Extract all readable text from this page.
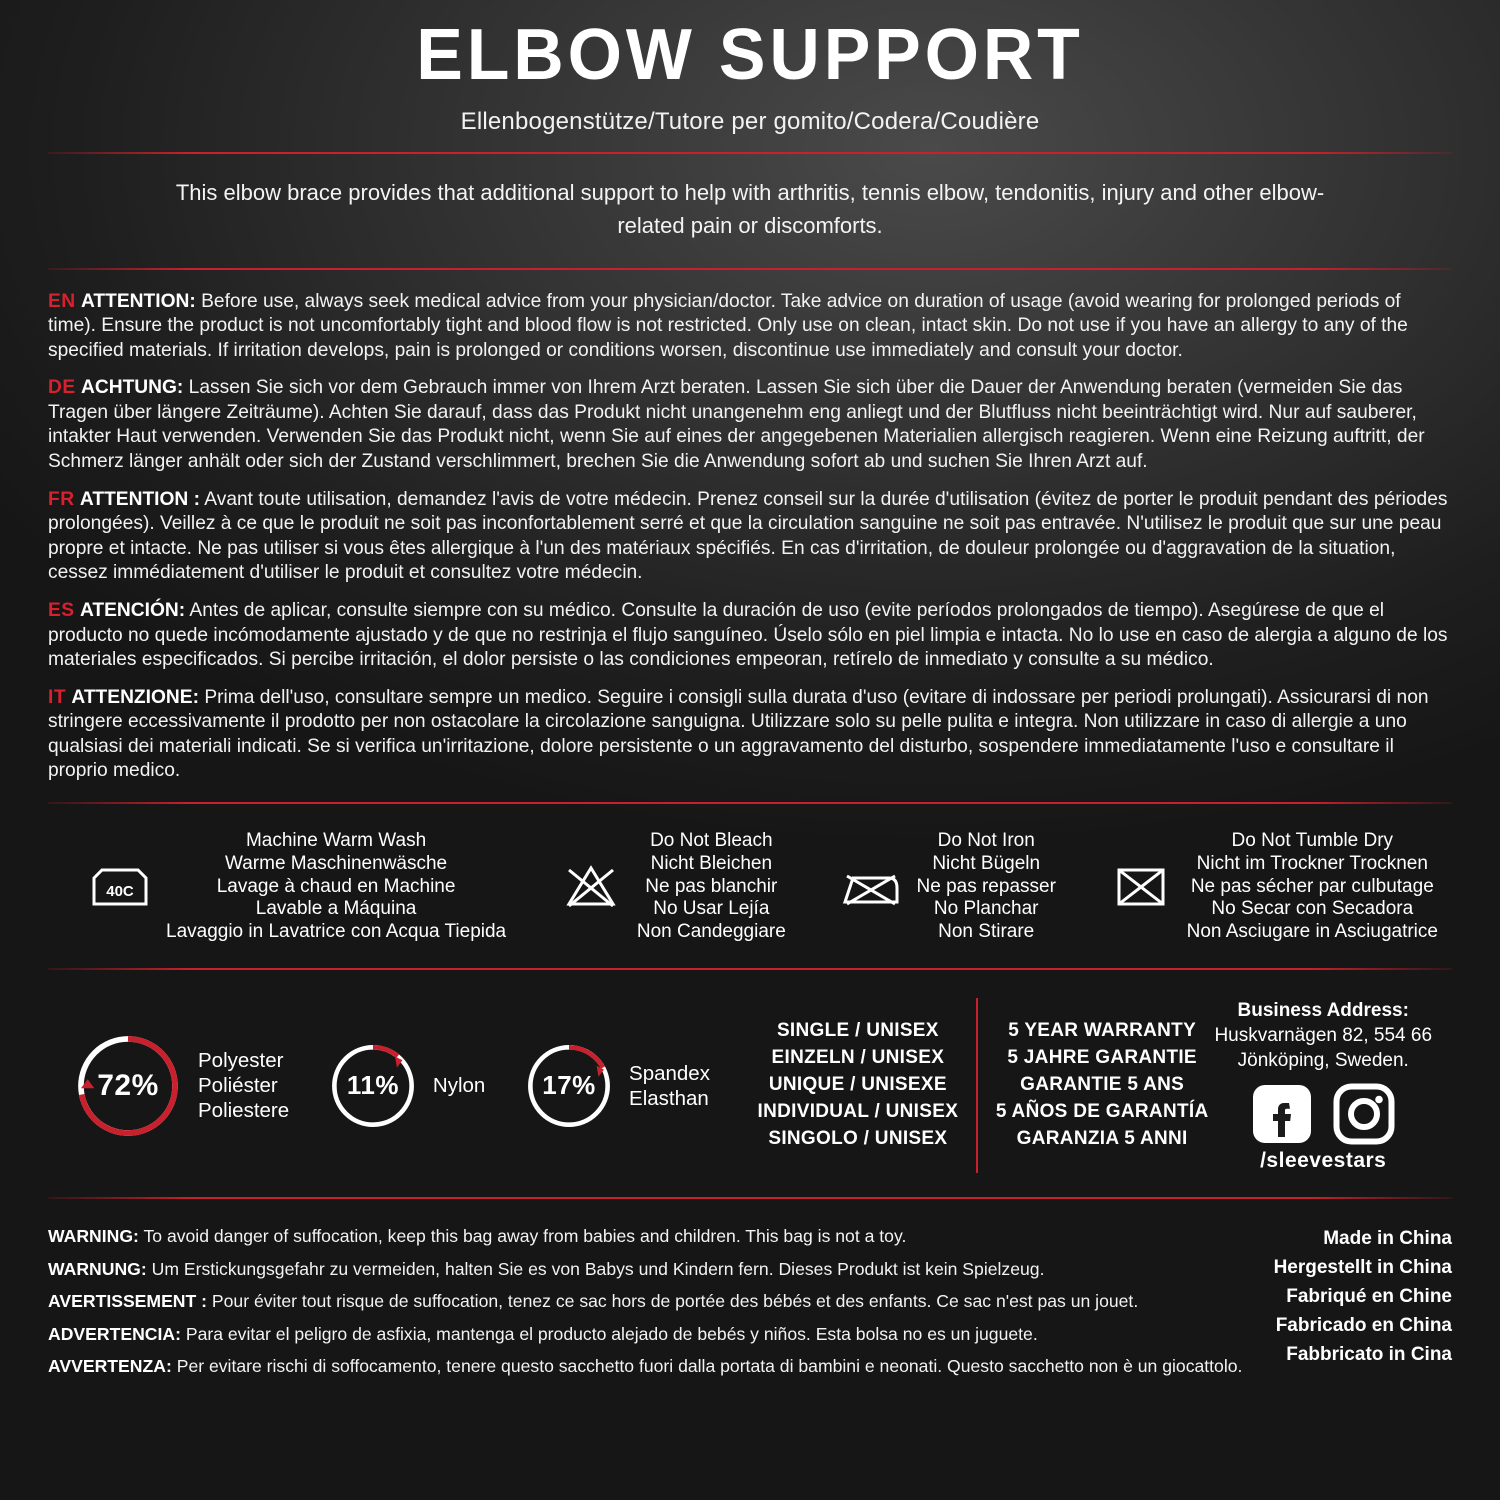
ELBOW SUPPORT
Ellenbogenstütze/Tutore per gomito/Codera/Coudière
This elbow brace provides that additional support to help with arthritis, tennis elbow, tendonitis, injury and other elbow-related pain or discomforts.

EN ATTENTION: Before use, always seek medical advice from your physician/doctor. Take advice on duration of usage (avoid wearing for prolonged periods of time). Ensure the product is not uncomfortably tight and blood flow is not restricted. Only use on clean, intact skin. Do not use if you have an allergy to any of the specified materials. If irritation develops, pain is prolonged or conditions worsen, discontinue use immediately and consult your doctor.

DE ACHTUNG: Lassen Sie sich vor dem Gebrauch immer von Ihrem Arzt beraten. Lassen Sie sich über die Dauer der Anwendung beraten (vermeiden Sie das Tragen über längere Zeiträume). Achten Sie darauf, dass das Produkt nicht unangenehm eng anliegt und der Blutfluss nicht beeinträchtigt wird. Nur auf sauberer, intakter Haut verwenden. Verwenden Sie das Produkt nicht, wenn Sie auf eines der angegebenen Materialien allergisch reagieren. Wenn eine Reizung auftritt, der Schmerz länger anhält oder sich der Zustand verschlimmert, brechen Sie die Anwendung sofort ab und suchen Sie Ihren Arzt auf.

FR ATTENTION : Avant toute utilisation, demandez l'avis de votre médecin. Prenez conseil sur la durée d'utilisation (évitez de porter le produit pendant des périodes prolongées). Veillez à ce que le produit ne soit pas inconfortablement serré et que la circulation sanguine ne soit pas entravée. N'utilisez le produit que sur une peau propre et intacte. Ne pas utiliser si vous êtes allergique à l'un des matériaux spécifiés. En cas d'irritation, de douleur prolongée ou d'aggravation de la situation, cessez immédiatement d'utiliser le produit et consultez votre médecin.

ES ATENCIÓN: Antes de aplicar, consulte siempre con su médico. Consulte la duración de uso (evite períodos prolongados de tiempo). Asegúrese de que el producto no quede incómodamente ajustado y de que no restrinja el flujo sanguíneo. Úselo sólo en piel limpia e intacta. No lo use en caso de alergia a alguno de los materiales especificados. Si percibe irritación, el dolor persiste o las condiciones empeoran, retírelo de inmediato y consulte a su médico.

IT ATTENZIONE: Prima dell'uso, consultare sempre un medico. Seguire i consigli sulla durata d'uso (evitare di indossare per periodi prolungati). Assicurarsi di non stringere eccessivamente il prodotto per non ostacolare la circolazione sanguigna. Utilizzare solo su pelle pulita e integra. Non utilizzare in caso di allergie a uno qualsiasi dei materiali indicati. Se si verifica un'irritazione, dolore persistente o un aggravamento del disturbo, sospendere immediatamente l'uso e consultare il proprio medico.

40C
Machine Warm Wash
Warme Maschinenwäsche
Lavage à chaud en Machine
Lavable a Máquina
Lavaggio in Lavatrice con Acqua Tiepida
Do Not Bleach
Nicht Bleichen
Ne pas blanchir
No Usar Lejía
Non Candeggiare
Do Not Iron
Nicht Bügeln
Ne pas repasser
No Planchar
Non Stirare
Do Not Tumble Dry
Nicht im Trockner Trocknen
Ne pas sécher par culbutage
No Secar con Secadora
Non Asciugare in Asciugatrice
72%
Polyester
Poliéster
Poliestere
11%	Nylon	17%	Spandex
Elasthan
SINGLE / UNISEX
EINZELN / UNISEX
UNIQUE / UNISEXE
INDIVIDUAL / UNISEX
SINGOLO / UNISEX
5 YEAR WARRANTY
5 JAHRE GARANTIE
GARANTIE 5 ANS
5 AÑOS DE GARANTÍA
GARANZIA 5 ANNI
Business Address: Huskvarnägen 82, 554 66 Jönköping, Sweden.
/sleevestars

WARNING: To avoid danger of suffocation, keep this bag away from babies and children. This bag is not a toy.

WARNUNG: Um Erstickungsgefahr zu vermeiden, halten Sie es von Babys und Kindern fern. Dieses Produkt ist kein Spielzeug.

AVERTISSEMENT : Pour éviter tout risque de suffocation, tenez ce sac hors de portée des bébés et des enfants. Ce sac n'est pas un jouet.

ADVERTENCIA: Para evitar el peligro de asfixia, mantenga el producto alejado de bebés y niños. Esta bolsa no es un juguete.

AVVERTENZA: Per evitare rischi di soffocamento, tenere questo sacchetto fuori dalla portata di bambini e neonati. Questo sacchetto non è un giocattolo.

Made in China
Hergestellt in China
Fabriqué en Chine
Fabricado en China
Fabbricato in Cina
